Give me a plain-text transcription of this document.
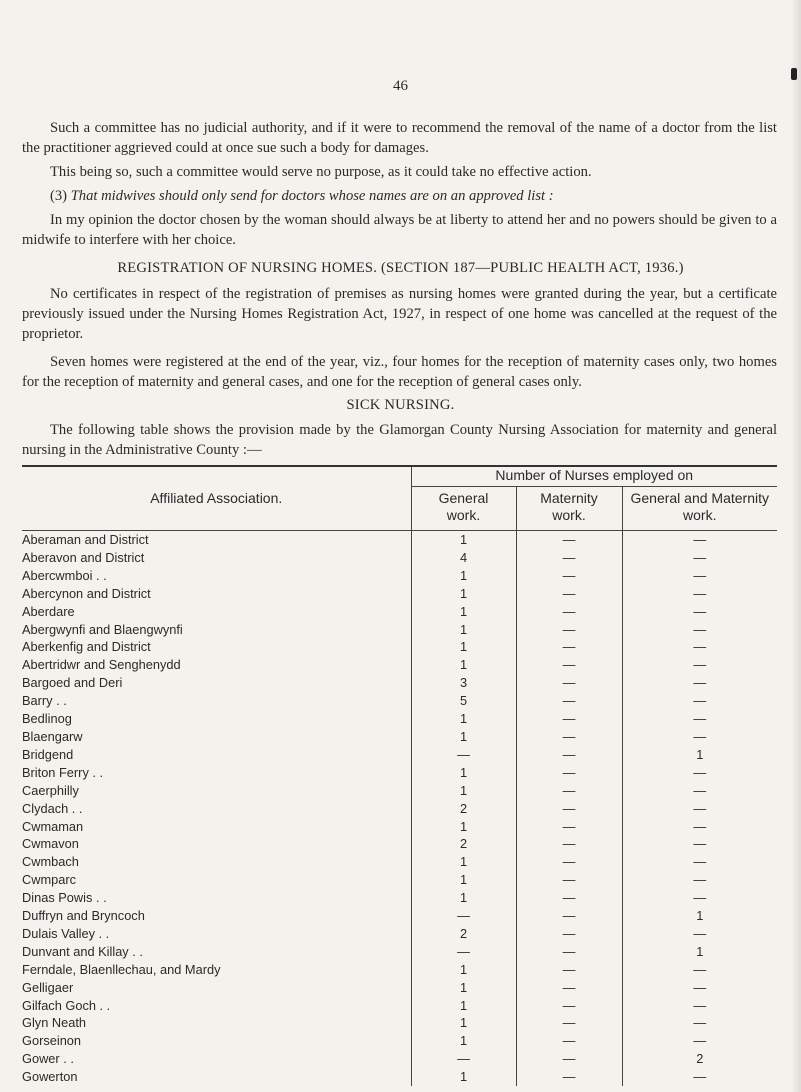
46
Such a committee has no judicial authority, and if it were to recommend the removal of the name of a doctor from the list the practitioner aggrieved could at once sue such a body for damages.
This being so, such a committee would serve no purpose, as it could take no effective action.
(3) That midwives should only send for doctors whose names are on an approved list :
In my opinion the doctor chosen by the woman should always be at liberty to attend her and no powers should be given to a midwife to interfere with her choice.
REGISTRATION OF NURSING HOMES. (SECTION 187—PUBLIC HEALTH ACT, 1936.)
No certificates in respect of the registration of premises as nursing homes were granted during the year, but a certificate previously issued under the Nursing Homes Registration Act, 1927, in respect of one home was cancelled at the request of the proprietor.
Seven homes were registered at the end of the year, viz., four homes for the reception of maternity cases only, two homes for the reception of maternity and general cases, and one for the reception of general cases only.
SICK NURSING.
The following table shows the provision made by the Glamorgan County Nursing Association for maternity and general nursing in the Administrative County :—
	Number of Nurses employed on		
Affiliated Association.	General work.	Maternity work.	General and Maternity work.
Aberaman and District	1	—	—
Aberavon and District	4	—	—
Abercwmboi . .	1	—	—
Abercynon and District	1	—	—
Aberdare	1	—	—
Abergwynfi and Blaengwynfi	1	—	—
Aberkenfig and District	1	—	—
Abertridwr and Senghenydd	1	—	—
Bargoed and Deri	3	—	—
Barry . .	5	—	—
Bedlinog	1	—	—
Blaengarw	1	—	—
Bridgend	—	—	1
Briton Ferry . .	1	—	—
Caerphilly	1	—	—
Clydach . .	2	—	—
Cwmaman	1	—	—
Cwmavon	2	—	—
Cwmbach	1	—	—
Cwmparc	1	—	—
Dinas Powis . .	1	—	—
Duffryn and Bryncoch	—	—	1
Dulais Valley . .	2	—	—
Dunvant and Killay . .	—	—	1
Ferndale, Blaenllechau, and Mardy	1	—	—
Gelligaer	1	—	—
Gilfach Goch . .	1	—	—
Glyn Neath	1	—	—
Gorseinon	1	—	—
Gower . .	—	—	2
Gowerton	1	—	—
